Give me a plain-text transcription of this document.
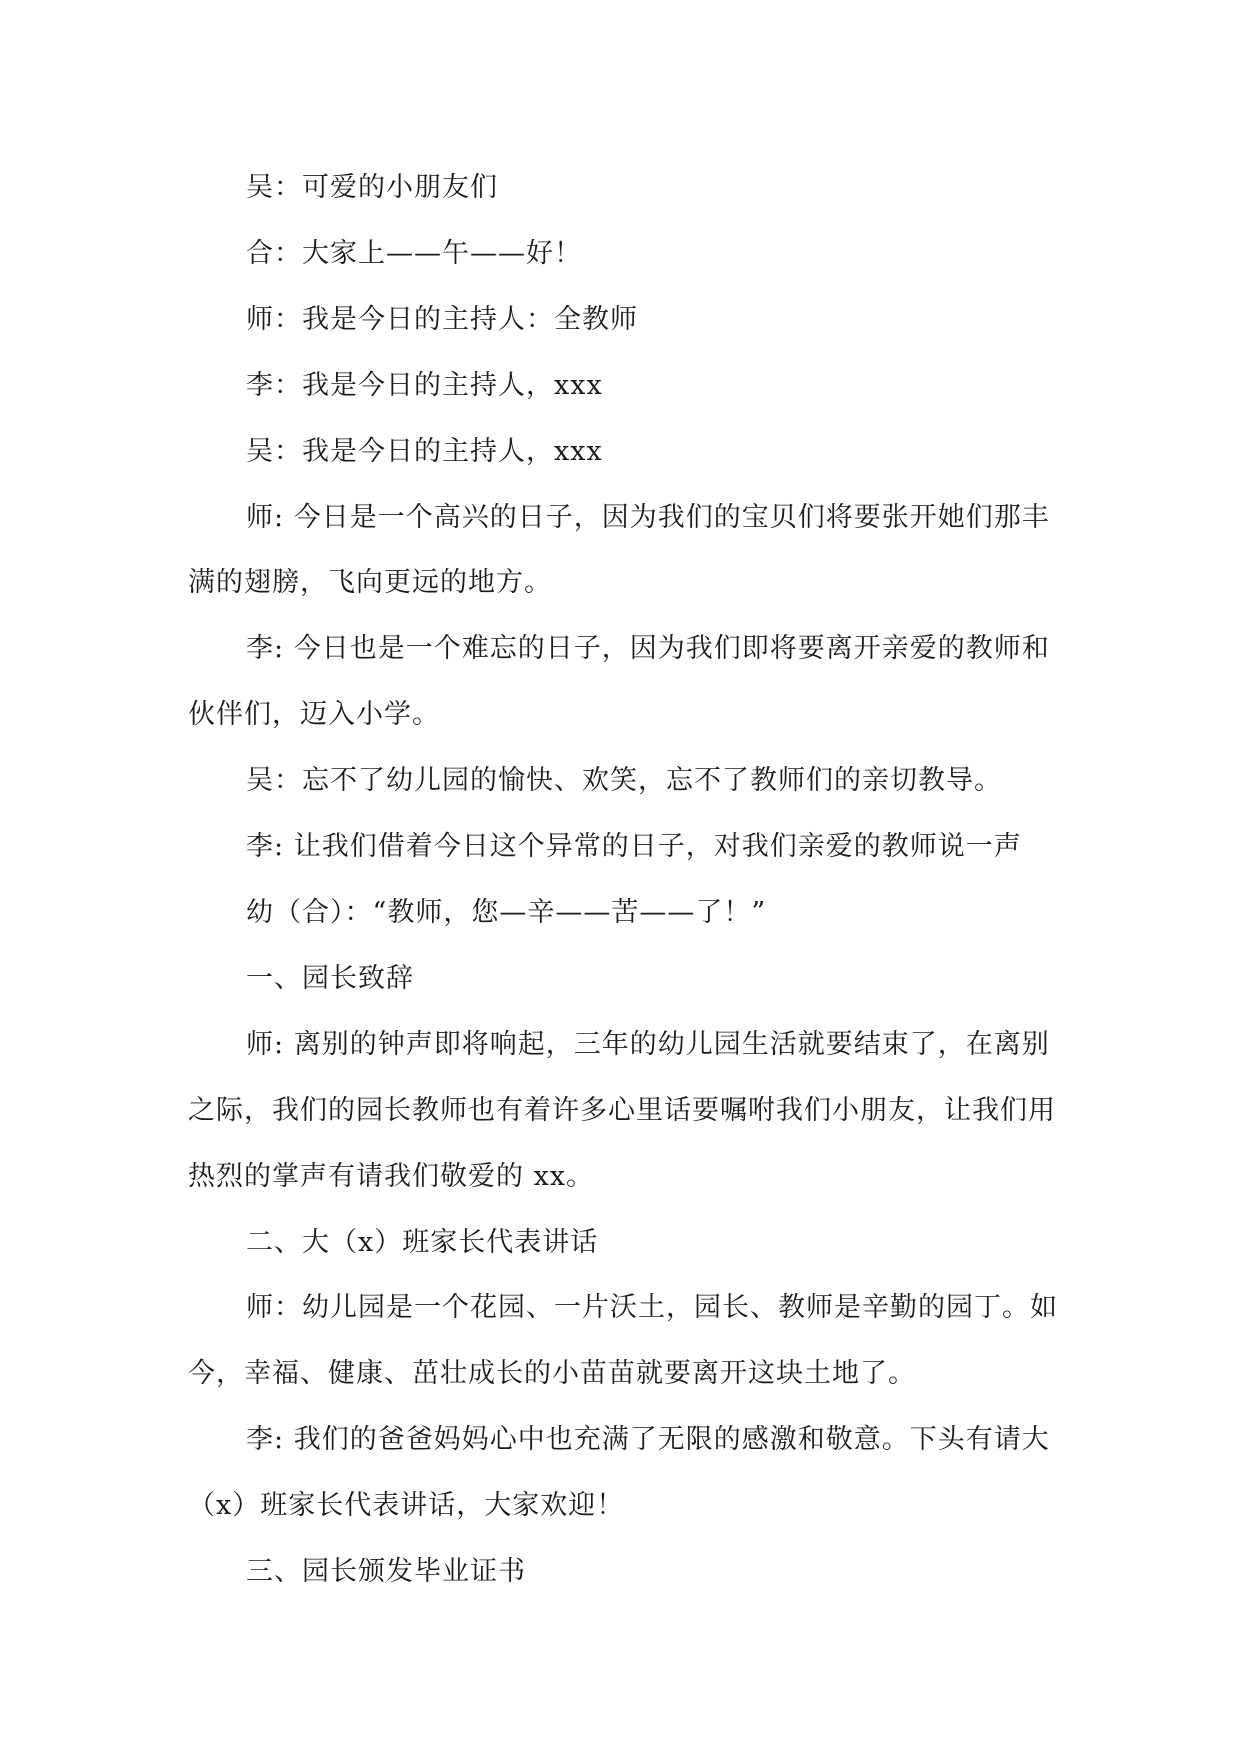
吴：可爱的小朋友们

合：大家上——午——好！

师：我是今日的主持人：全教师

李：我是今日的主持人，xxx

吴：我是今日的主持人，xxx

师: 今日是一个高兴的日子，因为我们的宝贝们将要张开她们那丰满的翅膀，飞向更远的地方。

李: 今日也是一个难忘的日子，因为我们即将要离开亲爱的教师和伙伴们，迈入小学。

吴：忘不了幼儿园的愉快、欢笑，忘不了教师们的亲切教导。

李: 让我们借着今日这个异常的日子，对我们亲爱的教师说一声

幼（合）：“教师，您—辛——苦——了！”

一、园长致辞

师: 离别的钟声即将响起，三年的幼儿园生活就要结束了，在离别之际，我们的园长教师也有着许多心里话要嘱咐我们小朋友，让我们用热烈的掌声有请我们敬爱的 xx。

二、大（x）班家长代表讲话

师：幼儿园是一个花园、一片沃土，园长、教师是辛勤的园丁。如今，幸福、健康、茁壮成长的小苗苗就要离开这块土地了。

李: 我们的爸爸妈妈心中也充满了无限的感激和敬意。下头有请大（x）班家长代表讲话，大家欢迎！

三、园长颁发毕业证书
